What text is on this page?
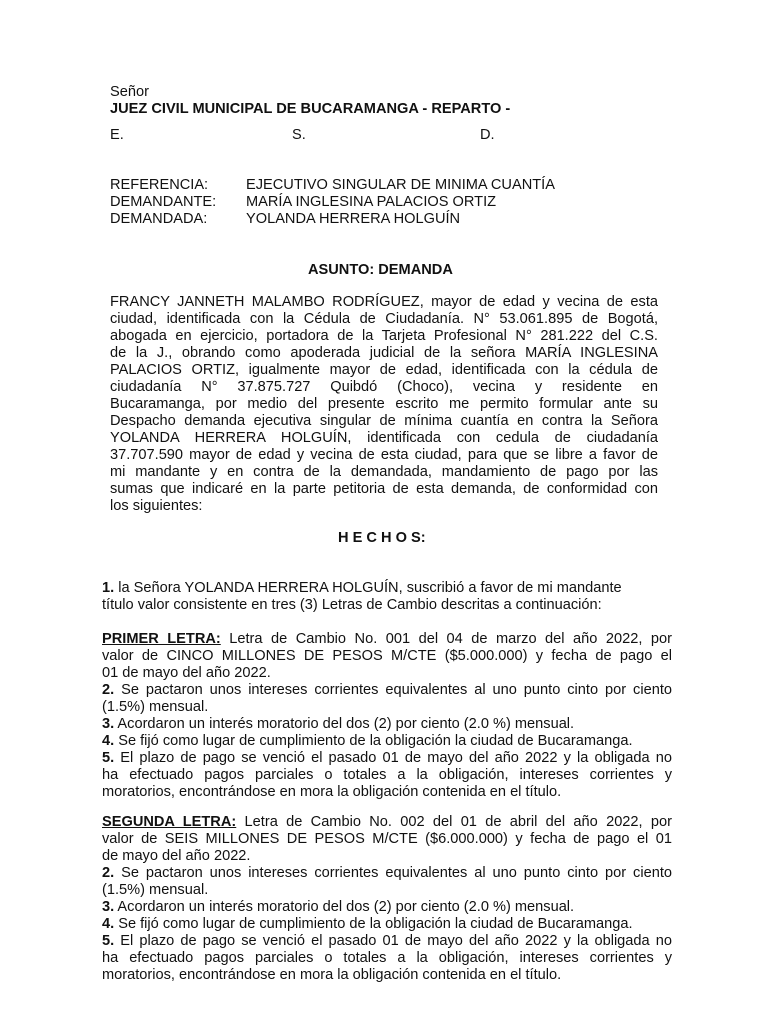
Señor
JUEZ CIVIL MUNICIPAL DE BUCARAMANGA - REPARTO -
E.	S.	D.
REFERENCIA:	EJECUTIVO SINGULAR DE MINIMA CUANTÍA
DEMANDANTE: MARÍA INGLESINA PALACIOS ORTIZ
DEMANDADA:	YOLANDA HERRERA HOLGUÍN
ASUNTO: DEMANDA
FRANCY JANNETH MALAMBO RODRÍGUEZ, mayor de edad y vecina de esta
ciudad, identificada con la Cédula de Ciudadanía. N° 53.061.895 de Bogotá,
abogada en ejercicio, portadora de la Tarjeta Profesional N° 281.222 del C.S.
de la J., obrando como apoderada judicial de la señora MARÍA INGLESINA
PALACIOS ORTIZ, igualmente mayor de edad, identificada con la cédula de
ciudadanía N° 37.875.727 Quibdó (Choco), vecina y residente en
Bucaramanga, por medio del presente escrito me permito formular ante su
Despacho demanda ejecutiva singular de mínima cuantía en contra la Señora
YOLANDA HERRERA HOLGUÍN, identificada con cedula de ciudadanía
37.707.590 mayor de edad y vecina de esta ciudad, para que se libre a favor de
mi mandante y en contra de la demandada, mandamiento de pago por las
sumas que indicaré en la parte petitoria de esta demanda, de conformidad con
los siguientes:
H E C H O S:
1. la Señora YOLANDA HERRERA HOLGUÍN, suscribió a favor de mi mandante
título valor consistente en tres (3) Letras de Cambio descritas a continuación:
PRIMER LETRA: Letra de Cambio No. 001 del 04 de marzo del año 2022, por
valor de CINCO MILLONES DE PESOS M/CTE ($5.000.000) y fecha de pago el
01 de mayo del año 2022.
2. Se pactaron unos intereses corrientes equivalentes al uno punto cinto por ciento
(1.5%) mensual.
3. Acordaron un interés moratorio del dos (2) por ciento (2.0 %) mensual.
4. Se fijó como lugar de cumplimiento de la obligación la ciudad de Bucaramanga.
5. El plazo de pago se venció el pasado 01 de mayo del año 2022 y la obligada no
ha efectuado pagos parciales o totales a la obligación, intereses corrientes y
moratorios, encontrándose en mora la obligación contenida en el título.
SEGUNDA LETRA: Letra de Cambio No. 002 del 01 de abril del año 2022, por
valor de SEIS MILLONES DE PESOS M/CTE ($6.000.000) y fecha de pago el 01
de mayo del año 2022.
2. Se pactaron unos intereses corrientes equivalentes al uno punto cinto por ciento
(1.5%) mensual.
3. Acordaron un interés moratorio del dos (2) por ciento (2.0 %) mensual.
4. Se fijó como lugar de cumplimiento de la obligación la ciudad de Bucaramanga.
5. El plazo de pago se venció el pasado 01 de mayo del año 2022 y la obligada no
ha efectuado pagos parciales o totales a la obligación, intereses corrientes y
moratorios, encontrándose en mora la obligación contenida en el título.
